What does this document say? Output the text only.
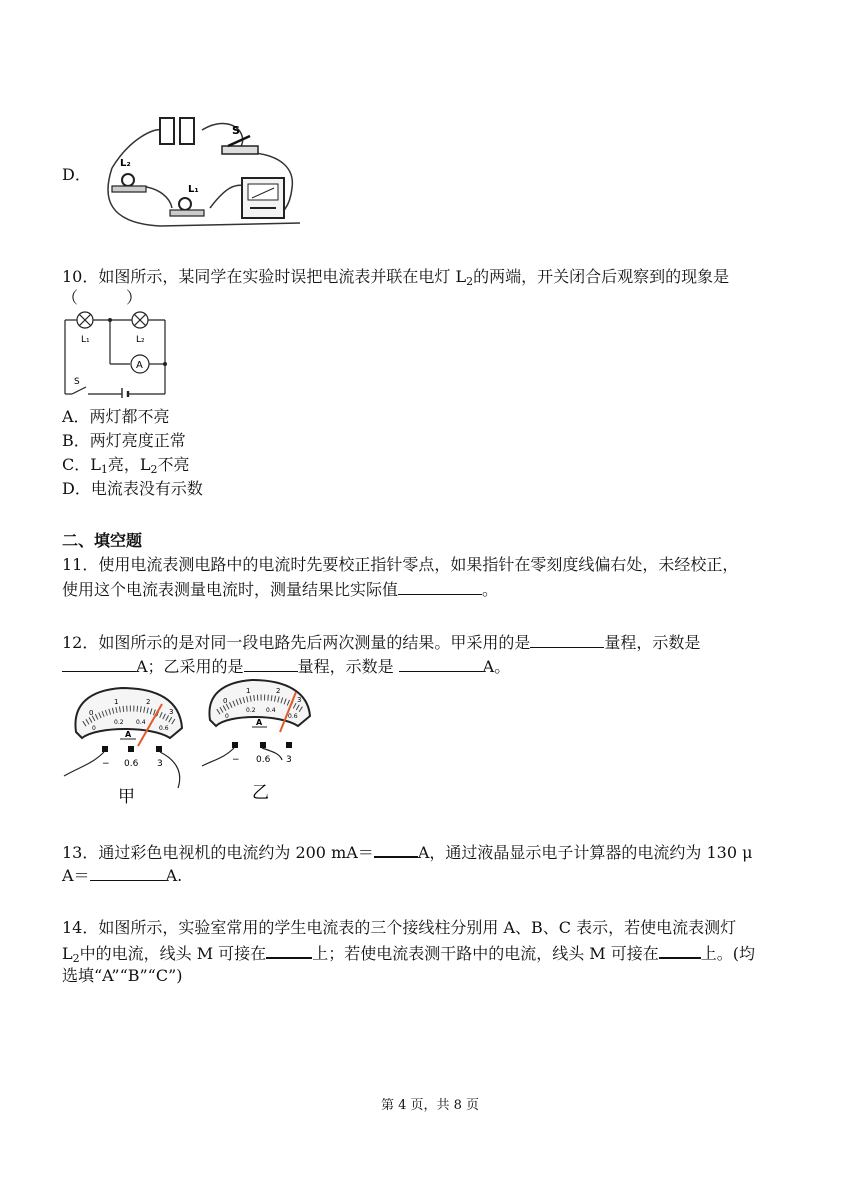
D．
S
L₂
L₁
10．如图所示，某同学在实验时误把电流表并联在电灯 $L_2$的两端，开关闭合后观察到的现象是
（　　　）
L₁	L₂
A
S
A．两灯都不亮
B．两灯亮度正常
C．$L_1$亮，$L_2$不亮
D．电流表没有示数
二、填空题
11．使用电流表测电路中的电流时先要校正指针零点，如果指针在零刻度线偏右处，未经校正，
使用这个电流表测量电流时，测量结果比实际值	。
12．如图所示的是对同一段电路先后两次测量的结果。甲采用的是	量程，示数是
A；乙采用的是	量程，示数是	A。
0
1	2
3
0
0.2 0.4
0.6
A
− 0.6 3
甲
0
1	2
3
0
0.2 0.4
0.6
A
− 0.6 3
乙
13．通过彩色电视机的电流约为 200 mA＝	A，通过液晶显示电子计算器的电流约为 130 μ
A＝	A.
14．如图所示，实验室常用的学生电流表的三个接线柱分别用 A、B、C 表示，若使电流表测灯
$L_2$中的电流，线头 M 可接在	上；若使电流表测干路中的电流，线头 M 可接在	上。(均
选填“A”“B”“C”)
第 4 页，共 8 页
